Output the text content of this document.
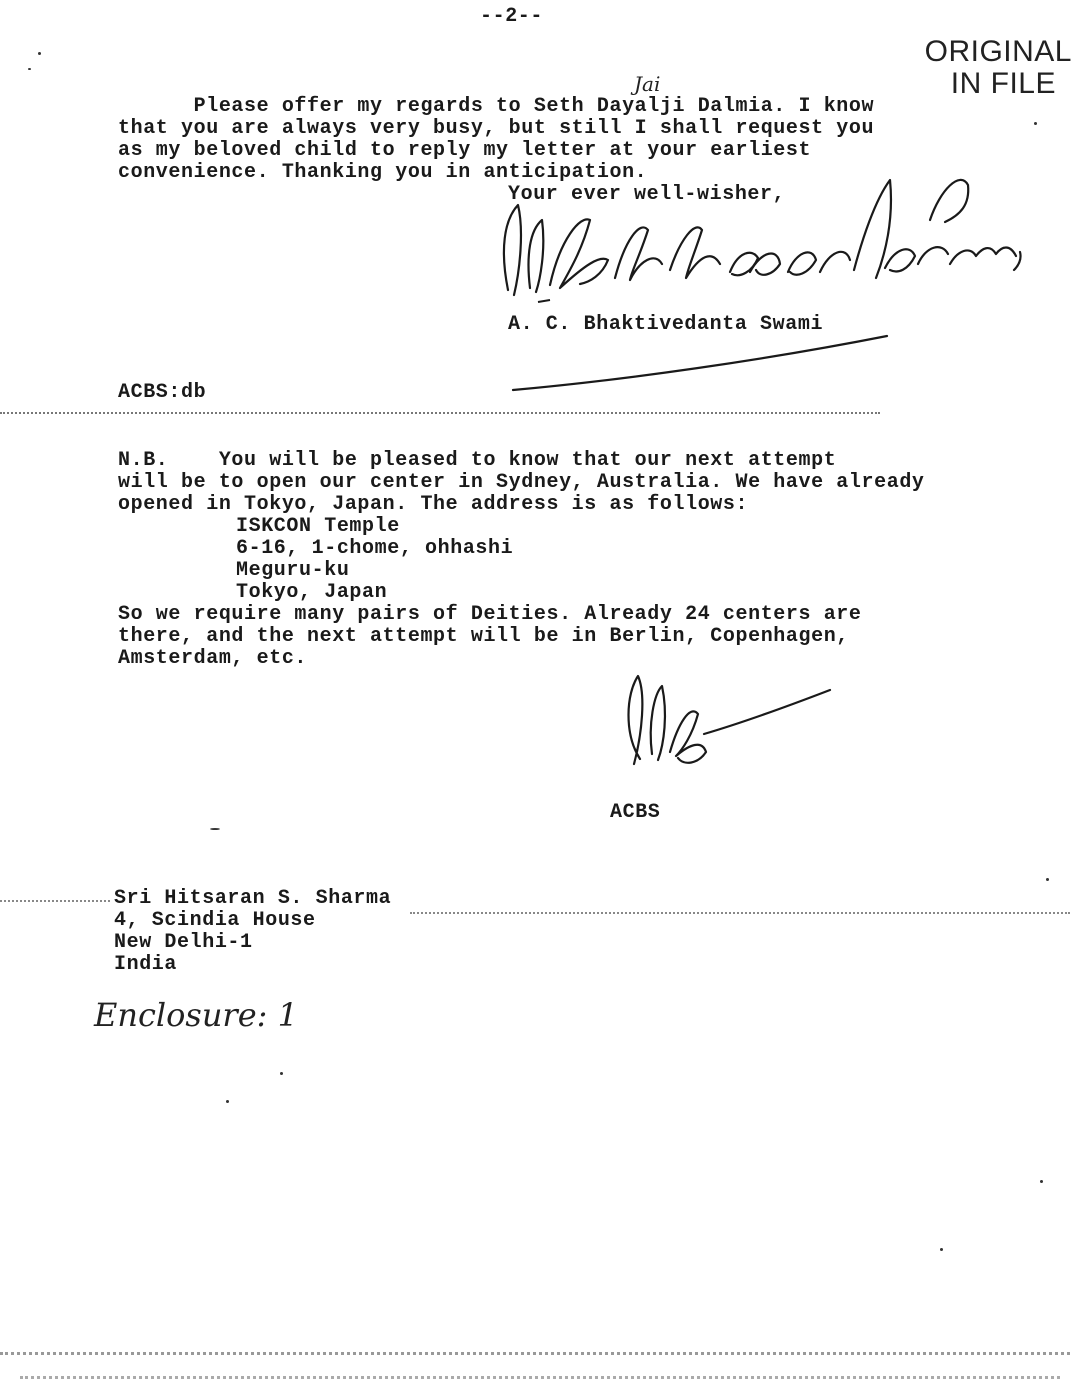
--2--
ORIGINAL
IN FILE
Jai
Please offer my regards to Seth Dayalji Dalmia. I know
that you are always very busy, but still I shall request you
as my beloved child to reply my letter at your earliest
convenience. Thanking you in anticipation.
Your ever well-wisher,
A. C. Bhaktivedanta Swami
ACBS:db
N.B.    You will be pleased to know that our next attempt
will be to open our center in Sydney, Australia. We have already
opened in Tokyo, Japan. The address is as follows:
ISKCON Temple
6-16, 1-chome, ohhashi
Meguru-ku
Tokyo, Japan
So we require many pairs of Deities. Already 24 centers are
there, and the next attempt will be in Berlin, Copenhagen,
Amsterdam, etc.
ACBS
Sri Hitsaran S. Sharma
4, Scindia House
New Delhi-1
India
Enclosure: 1
